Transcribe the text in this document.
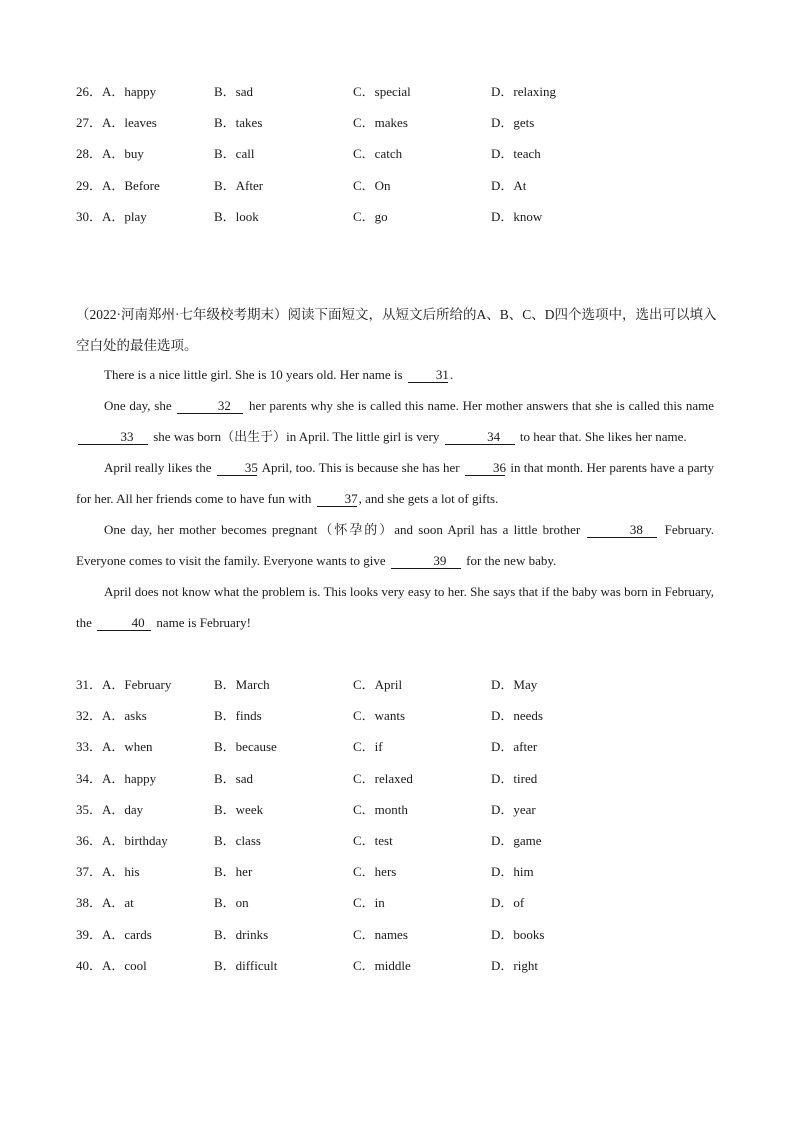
26．A．happy	B．sad	C．special	D．relaxing
27．A．leaves	B．takes	C．makes	D．gets
28．A．buy	B．call	C．catch	D．teach
29．A．Before	B．After	C．On	D．At
30．A．play	B．look	C．go	D．know
（2022·河南郑州·七年级校考期末）阅读下面短文，从短文后所给的A、B、C、D四个选项中，选出可以填入空白处的最佳选项。

There is a nice little girl. She is 10 years old. Her name is 31.

One day, she	32 her parents why she is called this name. Her mother answers that she is called this name 33 she was born（出生于）in April. The little girl is very	34 to hear that. She likes her name.

April really likes the 35 April, too. This is because she has her 36 in that month. Her parents have a party for her. All her friends come to have fun with 37, and she gets a lot of gifts.

One day, her mother becomes pregnant（怀孕的）and soon April has a little brother	38 February. Everyone comes to visit the family. Everyone wants to give	39 for the new baby.

April does not know what the problem is. This looks very easy to her. She says that if the baby was born in February, the	40 name is February!

31．A．February	B．March	C．April	D．May
32．A．asks	B．finds	C．wants	D．needs
33．A．when	B．because	C．if	D．after
34．A．happy	B．sad	C．relaxed	D．tired
35．A．day	B．week	C．month	D．year
36．A．birthday	B．class	C．test	D．game
37．A．his	B．her	C．hers	D．him
38．A．at	B．on	C．in	D．of
39．A．cards	B．drinks	C．names	D．books
40．A．cool	B．difficult	C．middle	D．right
